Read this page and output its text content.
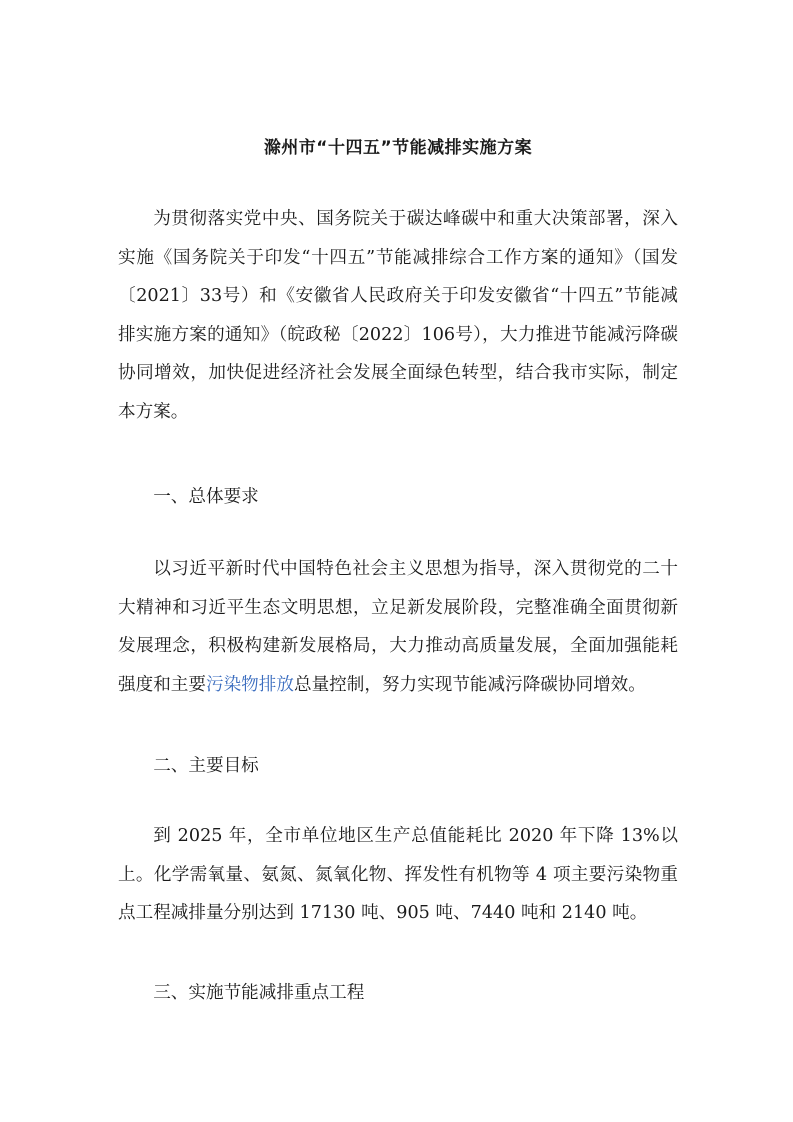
滁州市“十四五”节能减排实施方案

为贯彻落实党中央、国务院关于碳达峰碳中和重大决策部署，深入实施《国务院关于印发“十四五”节能减排综合工作方案的通知》（国发〔2021〕33号）和《安徽省人民政府关于印发安徽省“十四五”节能减排实施方案的通知》（皖政秘〔2022〕106号），大力推进节能减污降碳协同增效，加快促进经济社会发展全面绿色转型，结合我市实际，制定本方案。

一、总体要求

以习近平新时代中国特色社会主义思想为指导，深入贯彻党的二十大精神和习近平生态文明思想，立足新发展阶段，完整准确全面贯彻新发展理念，积极构建新发展格局，大力推动高质量发展，全面加强能耗强度和主要污染物排放总量控制，努力实现节能减污降碳协同增效。

二、主要目标

到 2025 年，全市单位地区生产总值能耗比 2020 年下降 13%以上。化学需氧量、氨氮、氮氧化物、挥发性有机物等 4 项主要污染物重点工程减排量分别达到 17130 吨、905 吨、7440 吨和 2140 吨。

三、实施节能减排重点工程
